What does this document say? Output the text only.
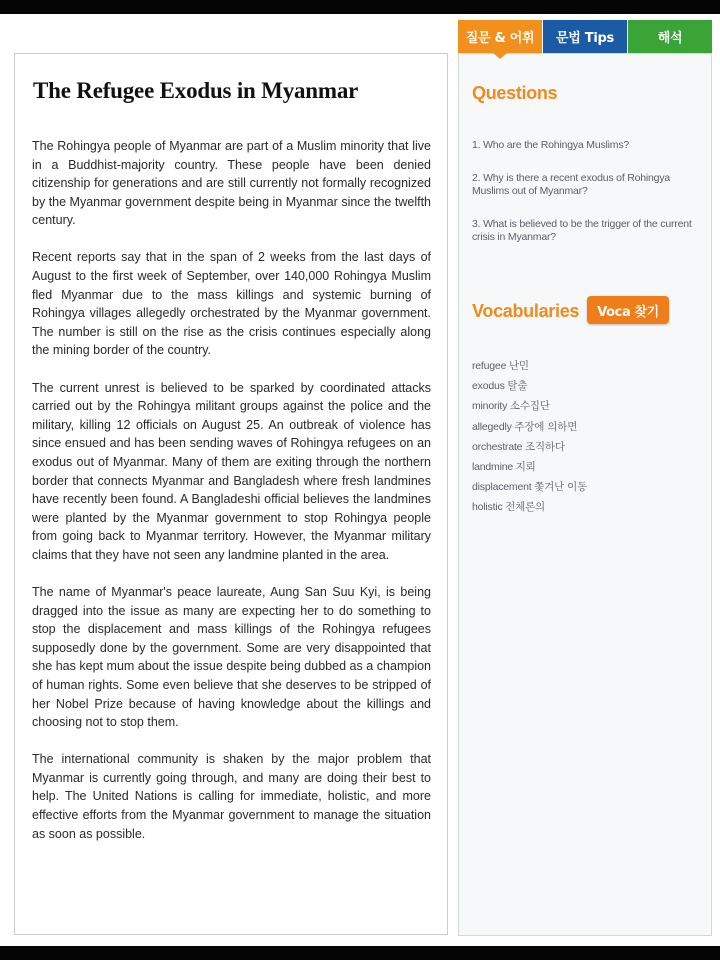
The Refugee Exodus in Myanmar

The Rohingya people of Myanmar are part of a Muslim minority that live in a Buddhist-majority country. These people have been denied citizenship for generations and are still currently not formally recognized by the Myanmar government despite being in Myanmar since the twelfth century.

Recent reports say that in the span of 2 weeks from the last days of August to the first week of September, over 140,000 Rohingya Muslim fled Myanmar due to the mass killings and systemic burning of Rohingya villages allegedly orchestrated by the Myanmar government. The number is still on the rise as the crisis continues especially along the mining border of the country.

The current unrest is believed to be sparked by coordinated attacks carried out by the Rohingya militant groups against the police and the military, killing 12 officials on August 25. An outbreak of violence has since ensued and has been sending waves of Rohingya refugees on an exodus out of Myanmar. Many of them are exiting through the northern border that connects Myanmar and Bangladesh where fresh landmines have recently been found. A Bangladeshi official believes the landmines were planted by the Myanmar government to stop Rohingya people from going back to Myanmar territory. However, the Myanmar military claims that they have not seen any landmine planted in the area.

The name of Myanmar's peace laureate, Aung San Suu Kyi, is being dragged into the issue as many are expecting her to do something to stop the displacement and mass killings of the Rohingya refugees supposedly done by the government. Some are very disappointed that she has kept mum about the issue despite being dubbed as a champion of human rights. Some even believe that she deserves to be stripped of her Nobel Prize because of having knowledge about the killings and choosing not to stop them.

The international community is shaken by the major problem that Myanmar is currently going through, and many are doing their best to help. The United Nations is calling for immediate, holistic, and more effective efforts from the Myanmar government to manage the situation as soon as possible.

Questions
1. Who are the Rohingya Muslims?
2. Why is there a recent exodus of Rohingya Muslims out of Myanmar?
3. What is believed to be the trigger of the current crisis in Myanmar?
Vocabularies	Voca 찾기
refugee 난민
exodus 탈출
minority 소수집단
allegedly 주장에 의하면
orchestrate 조직하다
landmine 지뢰
displacement 쫓겨난 이동
holistic 전체론의
질문 & 어휘	문법 Tips	해석
